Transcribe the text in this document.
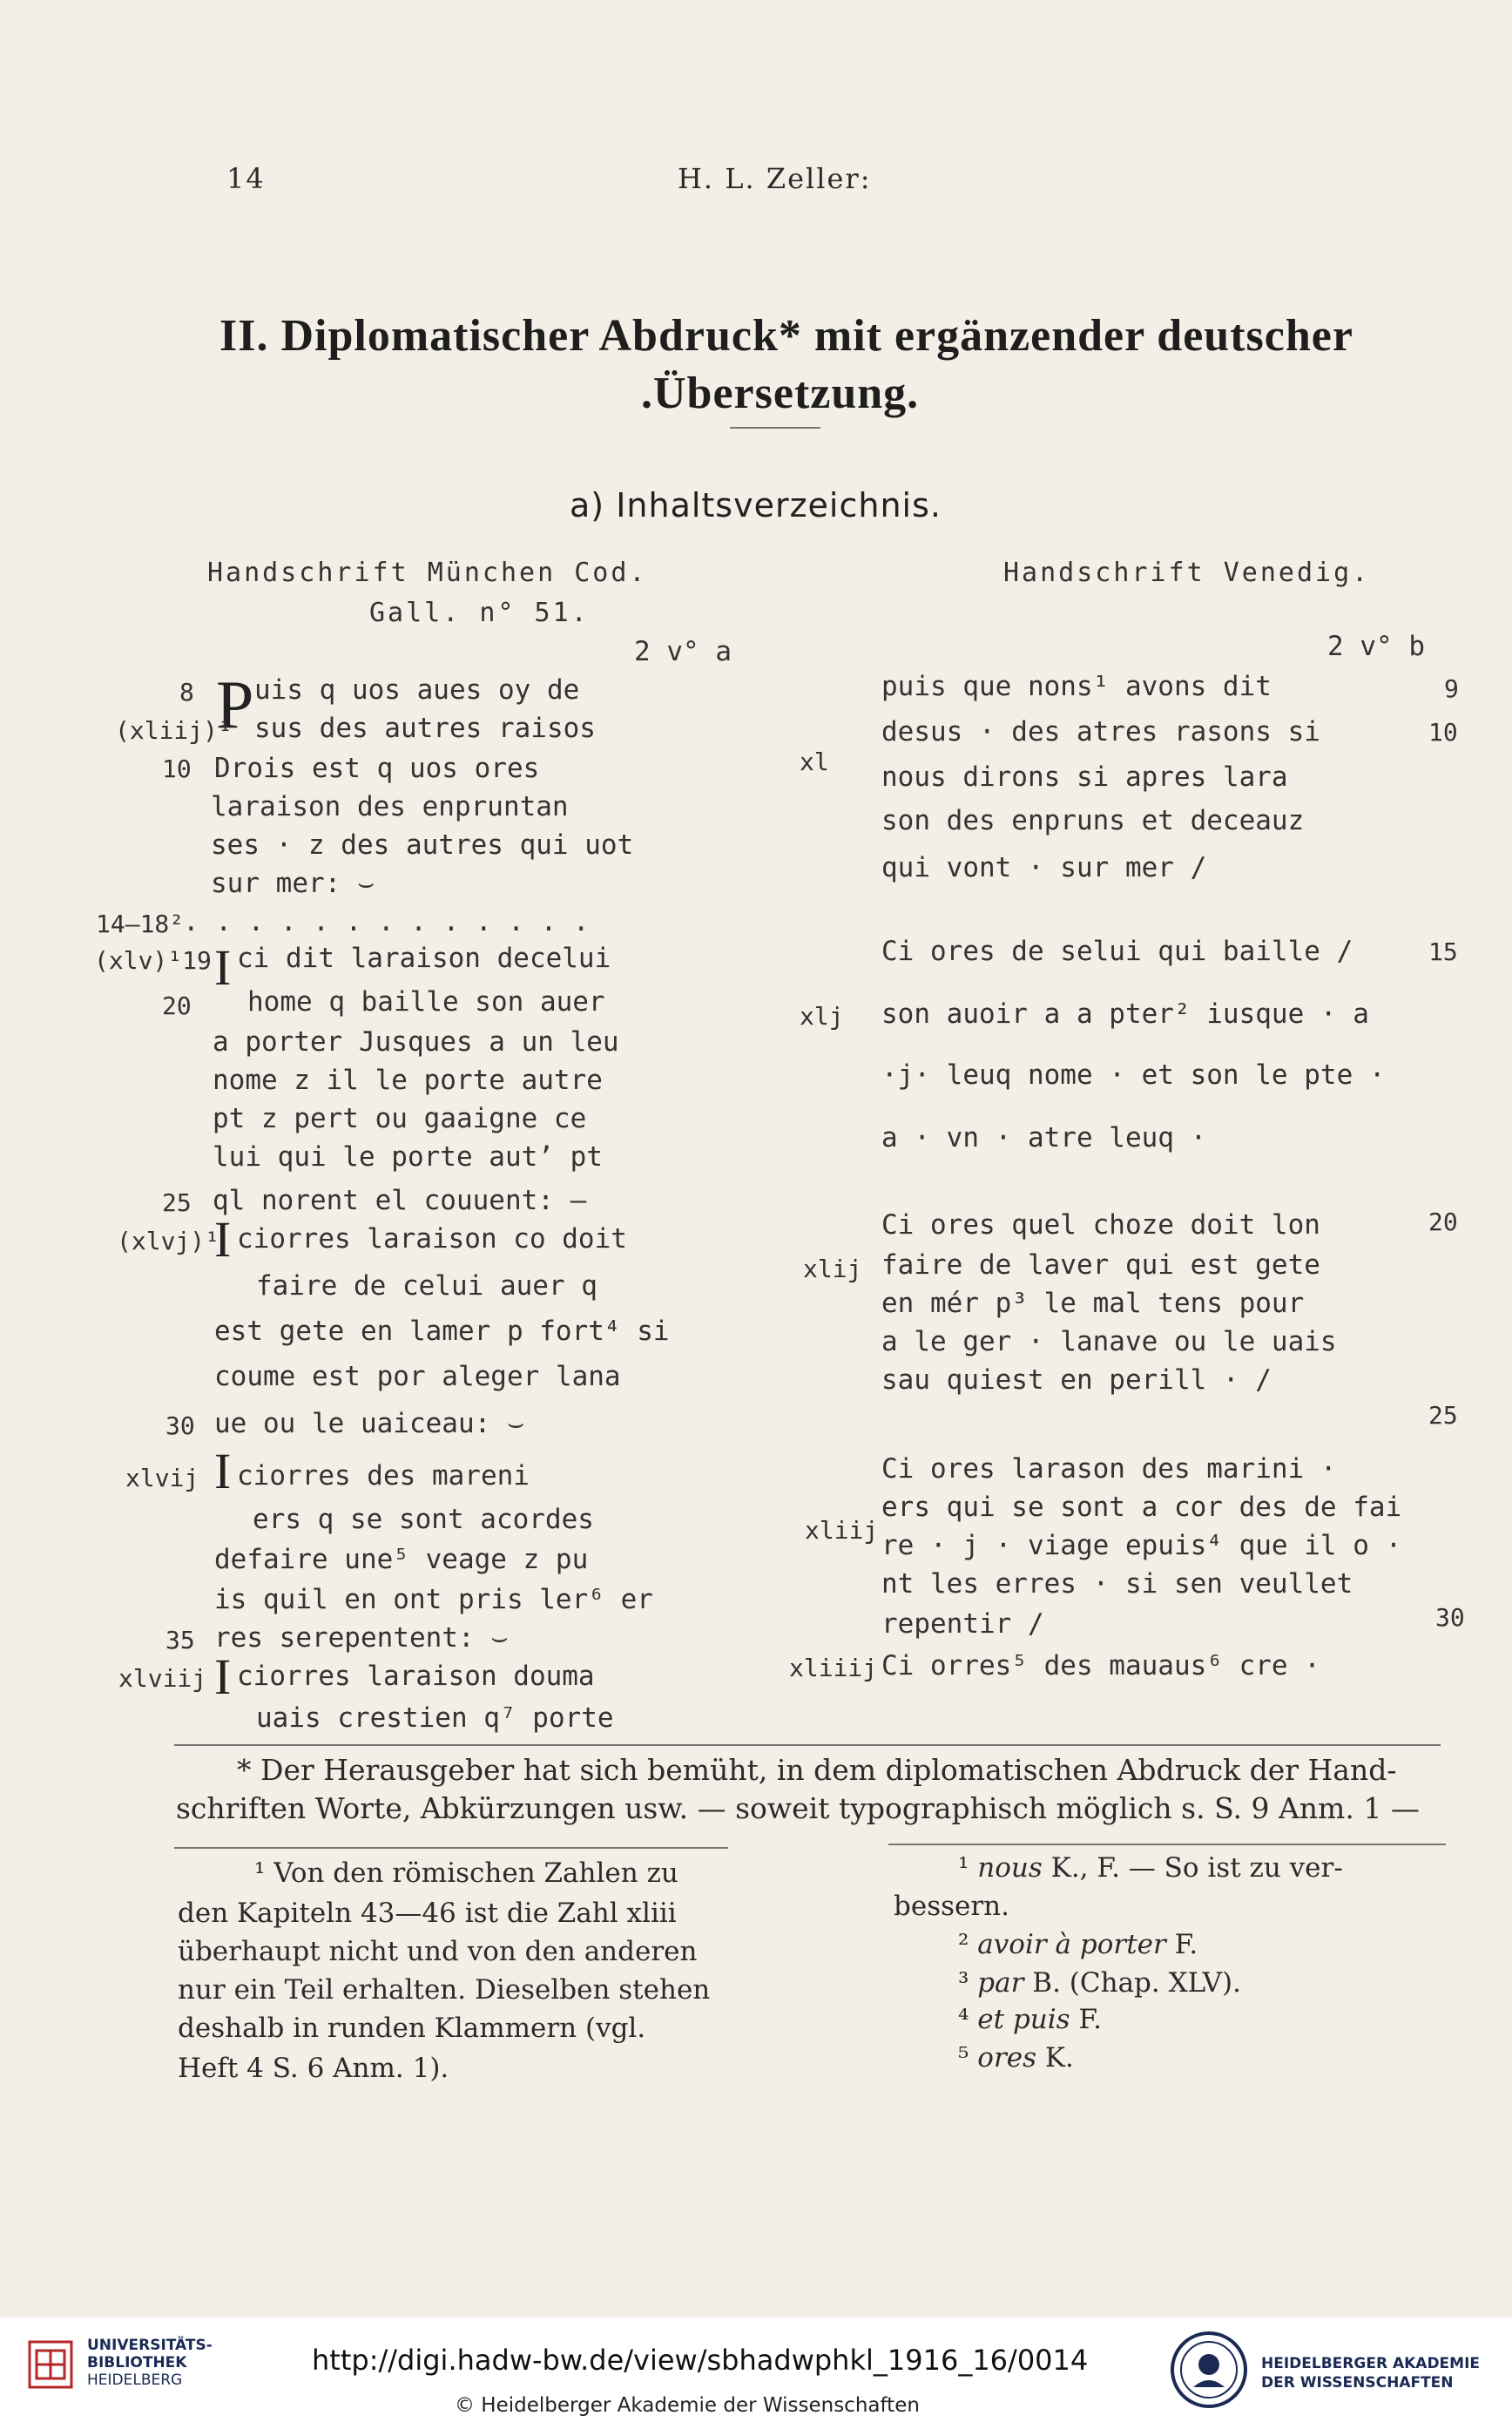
14	H. L. Zeller:
II. Diplomatischer Abdruck* mit ergänzender deutscher
.Übersetzung.
a) Inhaltsverzeichnis.
Handschrift München Cod.
Gall. n° 51.
Handschrift Venedig.
2 v° a	2 v° b
P
I
I
I
I
8 uis q uos aues oy de
(xliij)¹ sus des autres raisos
10 Drois est q uos ores
laraison des enpruntan
ses · z des autres qui uot
sur mer: ⌣
14—18²
. . . . . . . . . . . . .
(xlv)¹19 ci dit laraison decelui
20 home q baille son auer
a porter Jusques a un leu
nome z il le porte autre
pt z pert ou gaaigne ce
lui qui le porte aut’ pt
25 ql norent el couuent: —
(xlvj)¹ ciorres laraison co doit
faire de celui auer q
est gete en lamer p fort⁴ si
coume est por aleger lana
30 ue ou le uaiceau: ⌣
xlvij ciorres des mareni
ers q se sont acordes
defaire une⁵ veage z pu
is quil en ont pris ler⁶ er
35 res serepentent: ⌣
xlviij ciorres laraison douma
uais crestien q⁷ porte
puis que nons¹ avons dit	9
desus · des atres rasons si	10
xl nous dirons si apres lara
son des enpruns et deceauz
qui vont · sur mer /
Ci ores de selui qui baille /	15
xlj son auoir a a pter² iusque · a
·j· leuq nome · et son le pte ·
a · vn · atre leuq ·
Ci ores quel choze doit lon	20
xlij faire de laver qui est gete
en mér p³ le mal tens pour
a le ger · lanave ou le uais
sau quiest en perill · /
25
Ci ores larason des marini ·
xliij
ers qui se sont a cor des de fai
re · j · viage epuis⁴ que il o ·
nt les erres · si sen veullet
repentir /	30
xliiij Ci orres⁵ des mauaus⁶ cre ·
* Der Herausgeber hat sich bemüht, in dem diplomatischen Abdruck der Hand-
schriften Worte, Abkürzungen usw. — soweit typographisch möglich s. S. 9 Anm. 1 —
¹ Von den römischen Zahlen zu
den Kapiteln 43—46 ist die Zahl xliii
überhaupt nicht und von den anderen
nur ein Teil erhalten. Dieselben stehen
deshalb in runden Klammern (vgl.
Heft 4 S. 6 Anm. 1).
¹ nous K., F. — So ist zu ver-
bessern.
² avoir à porter F.
³ par B. (Chap. XLV).
⁴ et puis F.
⁵ ores K.
UNIVERSITÄTS-
BIBLIOTHEK
HEIDELBERG
http://digi.hadw-bw.de/view/sbhadwphkl_1916_16/0014
© Heidelberger Akademie der Wissenschaften
HEIDELBERGER AKADEMIE
DER WISSENSCHAFTEN
